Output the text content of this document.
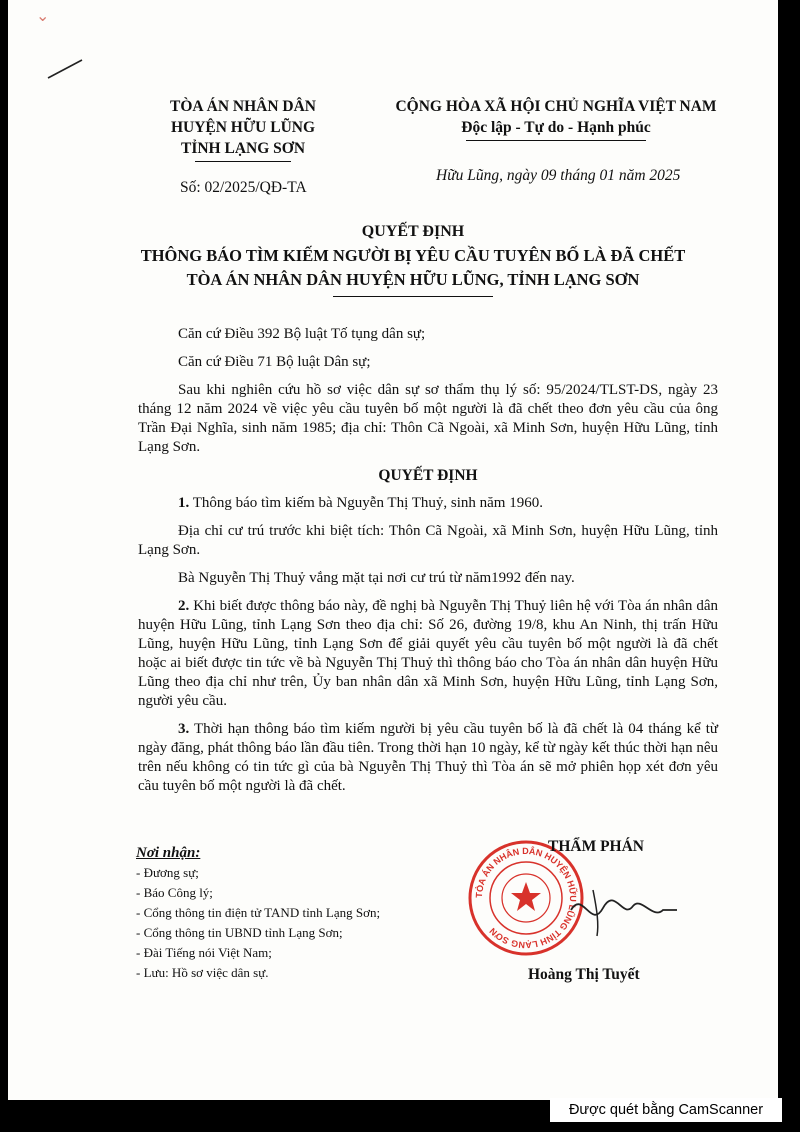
⌄
TÒA ÁN NHÂN DÂN
HUYỆN HỮU LŨNG
TỈNH LẠNG SƠN
CỘNG HÒA XÃ HỘI CHỦ NGHĨA VIỆT NAM
Độc lập - Tự do - Hạnh phúc
Số: 02/2025/QĐ-TA
Hữu Lũng, ngày 09 tháng 01 năm 2025
QUYẾT ĐỊNH
THÔNG BÁO TÌM KIẾM NGƯỜI BỊ YÊU CẦU TUYÊN BỐ LÀ ĐÃ CHẾT
TÒA ÁN NHÂN DÂN HUYỆN HỮU LŨNG, TỈNH LẠNG SƠN

Căn cứ Điều 392 Bộ luật Tố tụng dân sự;

Căn cứ Điều 71 Bộ luật Dân sự;

Sau khi nghiên cứu hồ sơ việc dân sự sơ thẩm thụ lý số: 95/2024/TLST-DS, ngày 23 tháng 12 năm 2024 về việc yêu cầu tuyên bố một người là đã chết theo đơn yêu cầu của ông Trần Đại Nghĩa, sinh năm 1985; địa chỉ: Thôn Cã Ngoài, xã Minh Sơn, huyện Hữu Lũng, tỉnh Lạng Sơn.

QUYẾT ĐỊNH

1. Thông báo tìm kiếm bà Nguyễn Thị Thuỷ, sinh năm 1960.

Địa chỉ cư trú trước khi biệt tích: Thôn Cã Ngoài, xã Minh Sơn, huyện Hữu Lũng, tỉnh Lạng Sơn.

Bà Nguyễn Thị Thuỷ vắng mặt tại nơi cư trú từ năm1992 đến nay.

2. Khi biết được thông báo này, đề nghị bà Nguyễn Thị Thuỷ liên hệ với Tòa án nhân dân huyện Hữu Lũng, tỉnh Lạng Sơn theo địa chỉ: Số 26, đường 19/8, khu An Ninh, thị trấn Hữu Lũng, huyện Hữu Lũng, tỉnh Lạng Sơn để giải quyết yêu cầu tuyên bố một người là đã chết hoặc ai biết được tin tức về bà Nguyễn Thị Thuỷ thì thông báo cho Tòa án nhân dân huyện Hữu Lũng theo địa chỉ như trên, Ủy ban nhân dân xã Minh Sơn, huyện Hữu Lũng, tỉnh Lạng Sơn, người yêu cầu.

3. Thời hạn thông báo tìm kiếm người bị yêu cầu tuyên bố là đã chết là 04 tháng kể từ ngày đăng, phát thông báo lần đầu tiên. Trong thời hạn 10 ngày, kể từ ngày kết thúc thời hạn nêu trên nếu không có tin tức gì của bà Nguyễn Thị Thuỷ thì Tòa án sẽ mở phiên họp xét đơn yêu cầu tuyên bố một người là đã chết.

Nơi nhận:
- Đương sự;
- Báo Công lý;
- Cổng thông tin điện tử TAND tỉnh Lạng Sơn;
- Cổng thông tin UBND tỉnh Lạng Sơn;
- Đài Tiếng nói Việt Nam;
- Lưu: Hồ sơ việc dân sự.
TÒA ÁN NHÂN DÂN HUYỆN HỮU LŨNG TỈNH LẠNG SƠN
THẨM PHÁN
Hoàng Thị Tuyết
Được quét bằng CamScanner
